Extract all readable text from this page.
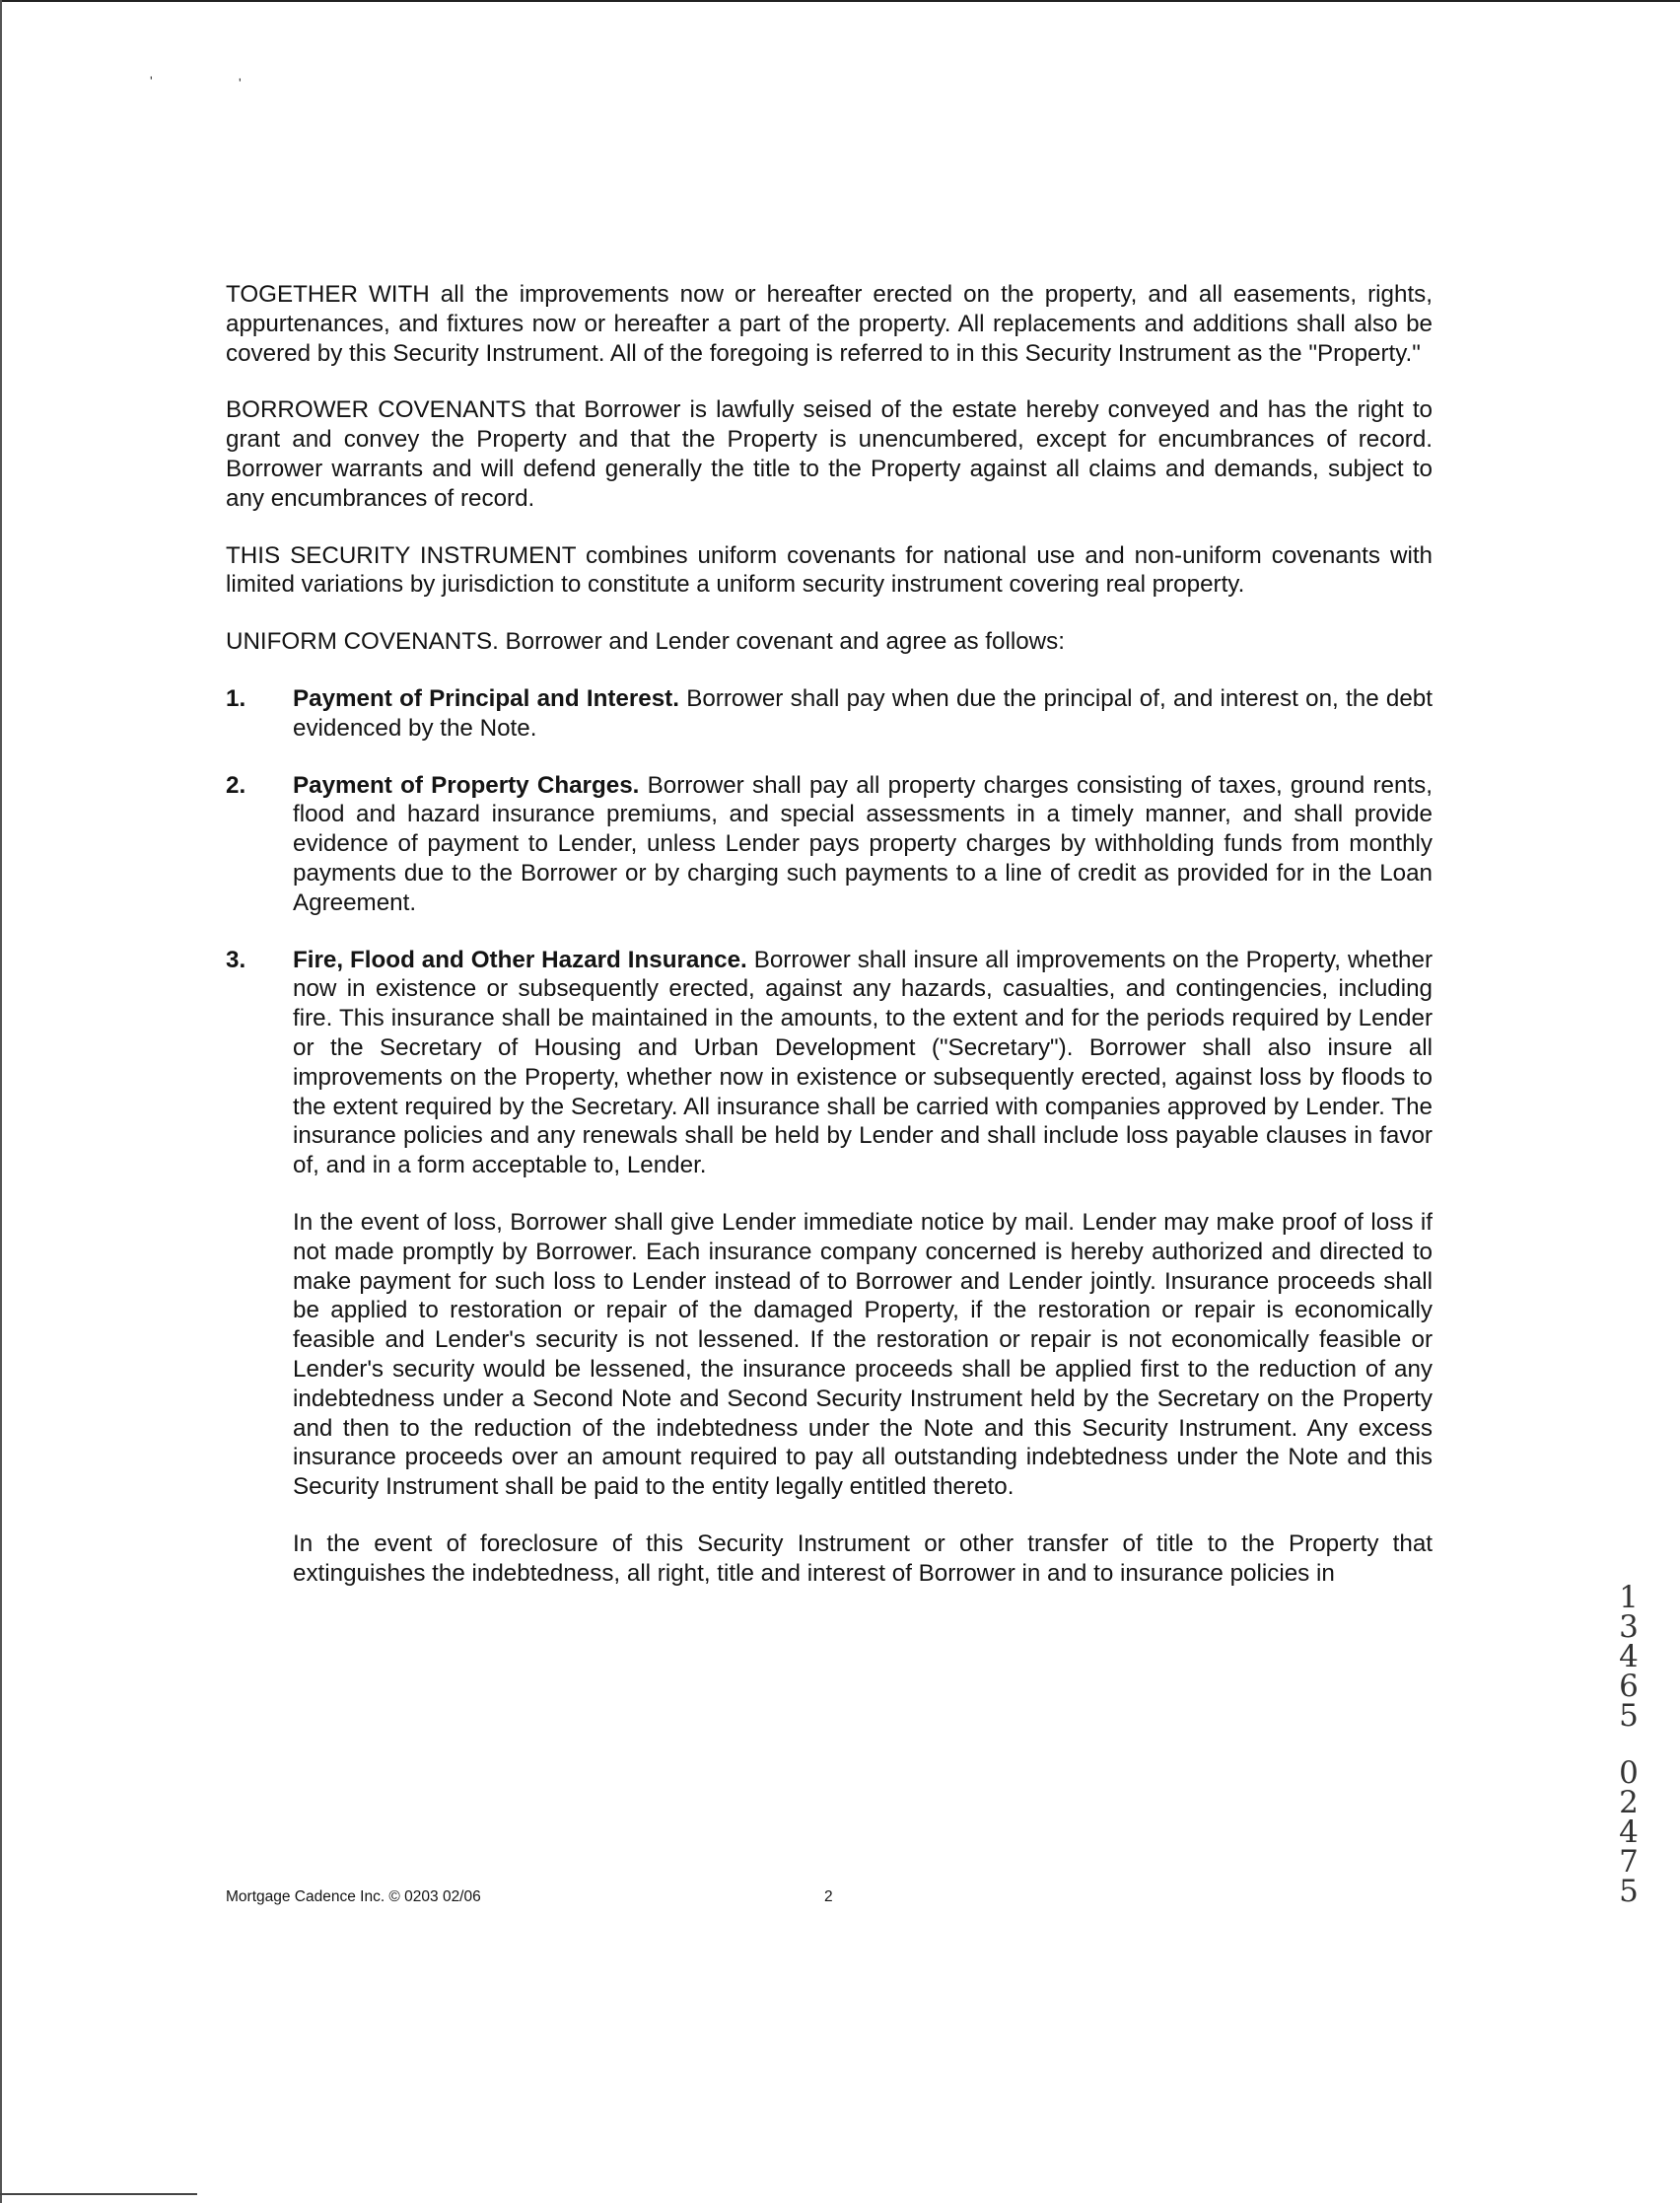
'	'

TOGETHER WITH all the improvements now or hereafter erected on the property, and all easements, rights, appurtenances, and fixtures now or hereafter a part of the property. All replacements and additions shall also be covered by this Security Instrument. All of the foregoing is referred to in this Security Instrument as the "Property."

BORROWER COVENANTS that Borrower is lawfully seised of the estate hereby conveyed and has the right to grant and convey the Property and that the Property is unencumbered, except for encumbrances of record. Borrower warrants and will defend generally the title to the Property against all claims and demands, subject to any encumbrances of record.

THIS SECURITY INSTRUMENT combines uniform covenants for national use and non-uniform covenants with limited variations by jurisdiction to constitute a uniform security instrument covering real property.

UNIFORM COVENANTS. Borrower and Lender covenant and agree as follows:

1. Payment of Principal and Interest. Borrower shall pay when due the principal of, and interest on, the debt evidenced by the Note.
2. Payment of Property Charges. Borrower shall pay all property charges consisting of taxes, ground rents, flood and hazard insurance premiums, and special assessments in a timely manner, and shall provide evidence of payment to Lender, unless Lender pays property charges by withholding funds from monthly payments due to the Borrower or by charging such payments to a line of credit as provided for in the Loan Agreement.
3. Fire, Flood and Other Hazard Insurance. Borrower shall insure all improvements on the Property, whether now in existence or subsequently erected, against any hazards, casualties, and contingencies, including fire. This insurance shall be maintained in the amounts, to the extent and for the periods required by Lender or the Secretary of Housing and Urban Development ("Secretary"). Borrower shall also insure all improvements on the Property, whether now in existence or subsequently erected, against loss by floods to the extent required by the Secretary. All insurance shall be carried with companies approved by Lender. The insurance policies and any renewals shall be held by Lender and shall include loss payable clauses in favor of, and in a form acceptable to, Lender.

In the event of loss, Borrower shall give Lender immediate notice by mail. Lender may make proof of loss if not made promptly by Borrower. Each insurance company concerned is hereby authorized and directed to make payment for such loss to Lender instead of to Borrower and Lender jointly. Insurance proceeds shall be applied to restoration or repair of the damaged Property, if the restoration or repair is economically feasible and Lender's security is not lessened. If the restoration or repair is not economically feasible or Lender's security would be lessened, the insurance proceeds shall be applied first to the reduction of any indebtedness under a Second Note and Second Security Instrument held by the Secretary on the Property and then to the reduction of the indebtedness under the Note and this Security Instrument. Any excess insurance proceeds over an amount required to pay all outstanding indebtedness under the Note and this Security Instrument shall be paid to the entity legally entitled thereto.

In the event of foreclosure of this Security Instrument or other transfer of title to the Property that extinguishes the indebtedness, all right, title and interest of Borrower in and to insurance policies in

Mortgage Cadence Inc. © 0203 02/06	2
1
3
4
6
5
0
2
4
7
5
